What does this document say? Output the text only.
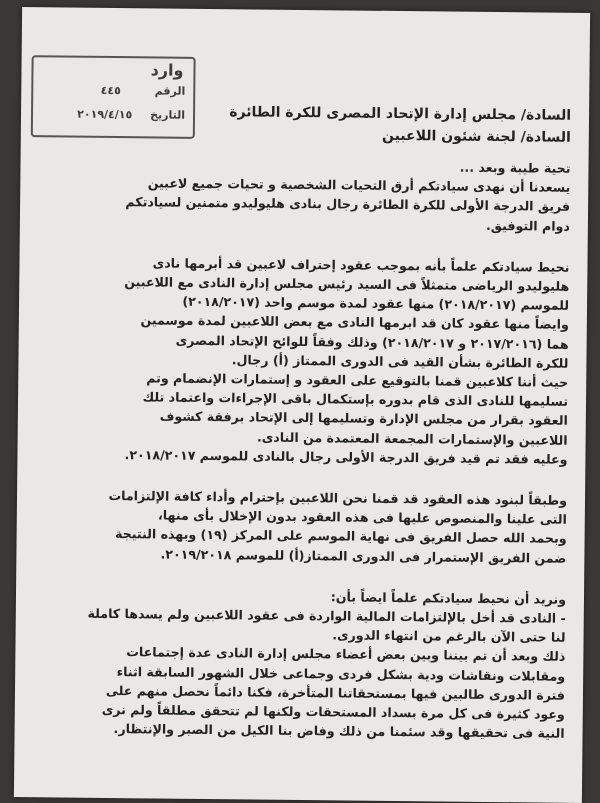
وارد
الرقم ٤٤٥
التاريخ ٢٠١٩/٤/١٥	السادة/ مجلس إدارة الإتحاد المصرى للكرة الطائرة

السادة/ لجنة شئون اللاعبين

تحية طيبة وبعد ...

يسعدنا أن نهدى سيادتكم أرق التحيات الشخصية و تحيات جميع لاعبين

فريق الدرجة الأولى للكرة الطائرة رجال بنادى هليوليدو متمنين لسيادتكم

دوام التوفيق.

نحيط سيادتكم علماً بأنه بموجب عقود إحتراف لاعبين قد أبرمها نادى

هليوليدو الرياضى متمثلاً فى السيد رئيس مجلس إدارة النادى مع اللاعبين

للموسم (٢٠١٨/٢٠١٧) منها عقود لمدة موسم واحد (٢٠١٨/٢٠١٧)

وايضاً منها عقود كان قد ابرمها النادى مع بعض اللاعبين لمدة موسمين

هما (٢٠١٧/٢٠١٦ و ٢٠١٨/٢٠١٧) وذلك وفقاً للوائح الإتحاد المصرى

للكرة الطائرة بشأن القيد فى الدورى الممتاز (أ) رجال.

حيث أننا كلاعبين قمنا بالتوقيع على العقود و إستمارات الإنضمام وتم

تسليمها للنادى الذى قام بدوره بإستكمال باقى الإجراءات واعتماد تلك

العقود بقرار من مجلس الإدارة وتسليمها إلى الإتحاد برفقة كشوف

اللاعبين والإستمارات المجمعة المعتمدة من النادى.

وعليه فقد تم قيد فريق الدرجة الأولى رجال بالنادى للموسم ٢٠١٨/٢٠١٧.

وطبقاً لبنود هذه العقود قد قمنا نحن اللاعبين بإحترام وأداء كافة الإلتزامات

التى علينا والمنصوص عليها فى هذه العقود بدون الإخلال بأى منها،

وبحمد الله حصل الفريق فى نهاية الموسم على المركز (١٩) وبهذه النتيجة

ضمن الفريق الإستمرار فى الدورى الممتاز(أ) للموسم ٢٠١٩/٢٠١٨.

ونريد أن نحيط سيادتكم علماً ايضاً بأن:

- النادى قد أخل بالإلتزامات المالية الواردة فى عقود اللاعبين ولم يسدها كاملة

لنا حتى الآن بالرغم من انتهاء الدورى.

ذلك وبعد أن تم بيننا وبين بعض أعضاء مجلس إدارة النادى عدة إجتماعات

ومقابلات ونقاشات ودية بشكل فردى وجماعى خلال الشهور السابقة اثناء

فترة الدورى طالبين فيها بمستحقاتنا المتأخرة، فكنا دائماً نحصل منهم على

وعود كثيرة فى كل مرة بسداد المستحقات ولكنها لم تتحقق مطلقاً ولم نرى

النية فى تحقيقها وقد سئمنا من ذلك وفاض بنا الكيل من الصبر والإنتظار.
